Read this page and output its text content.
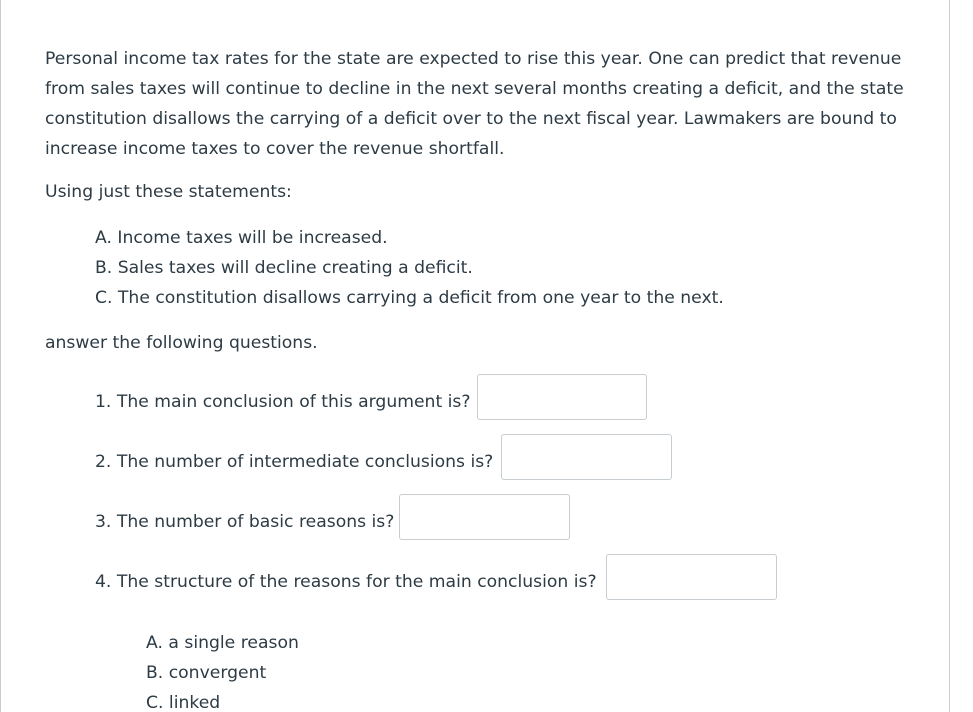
Personal income tax rates for the state are expected to rise this year. One can predict that revenue from sales taxes will continue to decline in the next several months creating a deficit, and the state constitution disallows the carrying of a deficit over to the next fiscal year. Lawmakers are bound to increase income taxes to cover the revenue shortfall.

Using just these statements:

A. Income taxes will be increased.

B. Sales taxes will decline creating a deficit.

C. The constitution disallows carrying a deficit from one year to the next.

answer the following questions.

1. The main conclusion of this argument is?

2. The number of intermediate conclusions is?

3. The number of basic reasons is?

4. The structure of the reasons for the main conclusion is?

A. a single reason

B. convergent

C. linked
